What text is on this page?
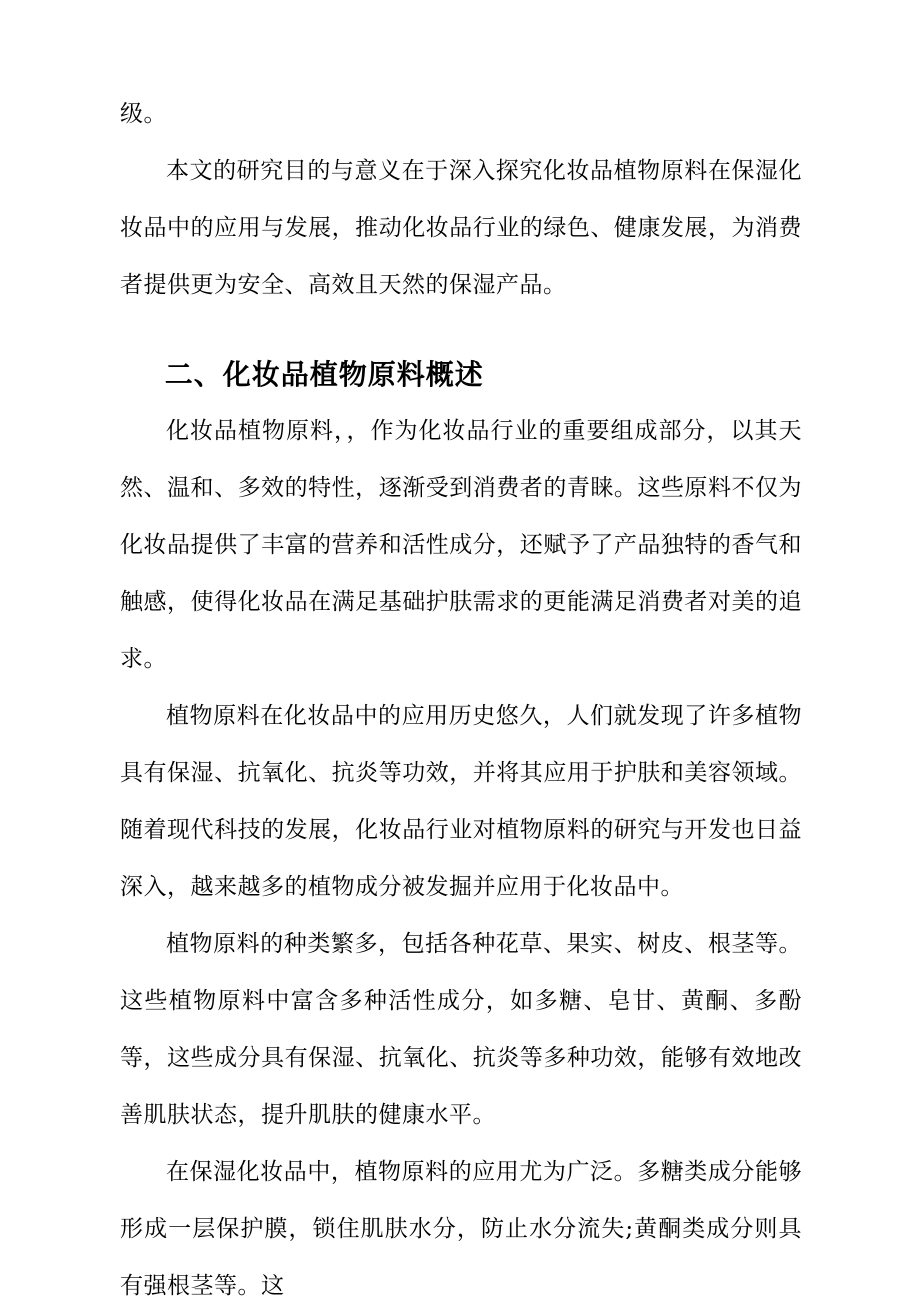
级。

本文的研究目的与意义在于深入探究化妆品植物原料在保湿化妆品中的应用与发展，推动化妆品行业的绿色、健康发展，为消费者提供更为安全、高效且天然的保湿产品。

二、化妆品植物原料概述

化妆品植物原料，，作为化妆品行业的重要组成部分，以其天然、温和、多效的特性，逐渐受到消费者的青睐。这些原料不仅为化妆品提供了丰富的营养和活性成分，还赋予了产品独特的香气和触感，使得化妆品在满足基础护肤需求的更能满足消费者对美的追求。

植物原料在化妆品中的应用历史悠久，人们就发现了许多植物具有保湿、抗氧化、抗炎等功效，并将其应用于护肤和美容领域。随着现代科技的发展，化妆品行业对植物原料的研究与开发也日益深入，越来越多的植物成分被发掘并应用于化妆品中。

植物原料的种类繁多，包括各种花草、果实、树皮、根茎等。这些植物原料中富含多种活性成分，如多糖、皂甘、黄酮、多酚等，这些成分具有保湿、抗氧化、抗炎等多种功效，能够有效地改善肌肤状态，提升肌肤的健康水平。

在保湿化妆品中，植物原料的应用尤为广泛。多糖类成分能够形成一层保护膜，锁住肌肤水分，防止水分流失;黄酮类成分则具有强根茎等。这
